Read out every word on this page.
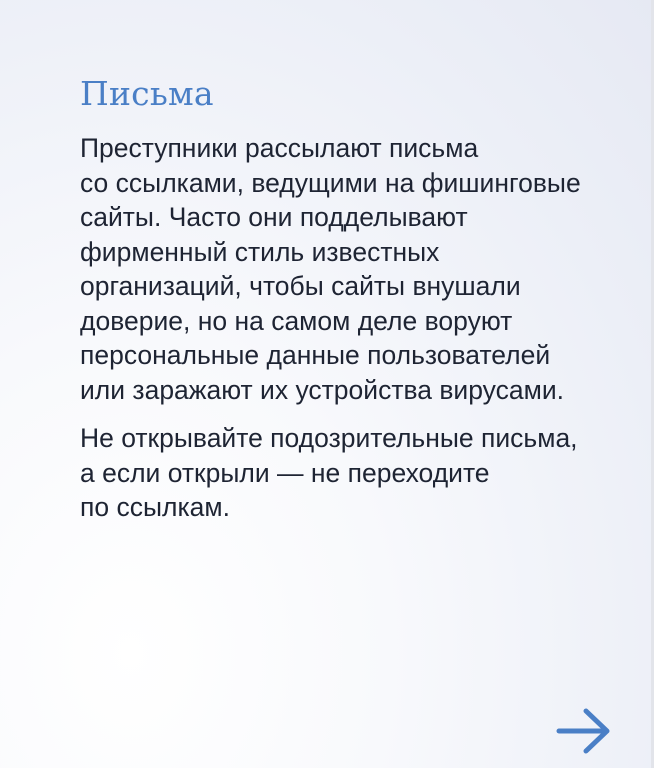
Письма

Преступники рассылают письма
со ссылками, ведущими на фишинговые
сайты. Часто они подделывают
фирменный стиль известных
организаций, чтобы сайты внушали
доверие, но на самом деле воруют
персональные данные пользователей
или заражают их устройства вирусами.

Не открывайте подозрительные письма,
а если открыли — не переходите
по ссылкам.
